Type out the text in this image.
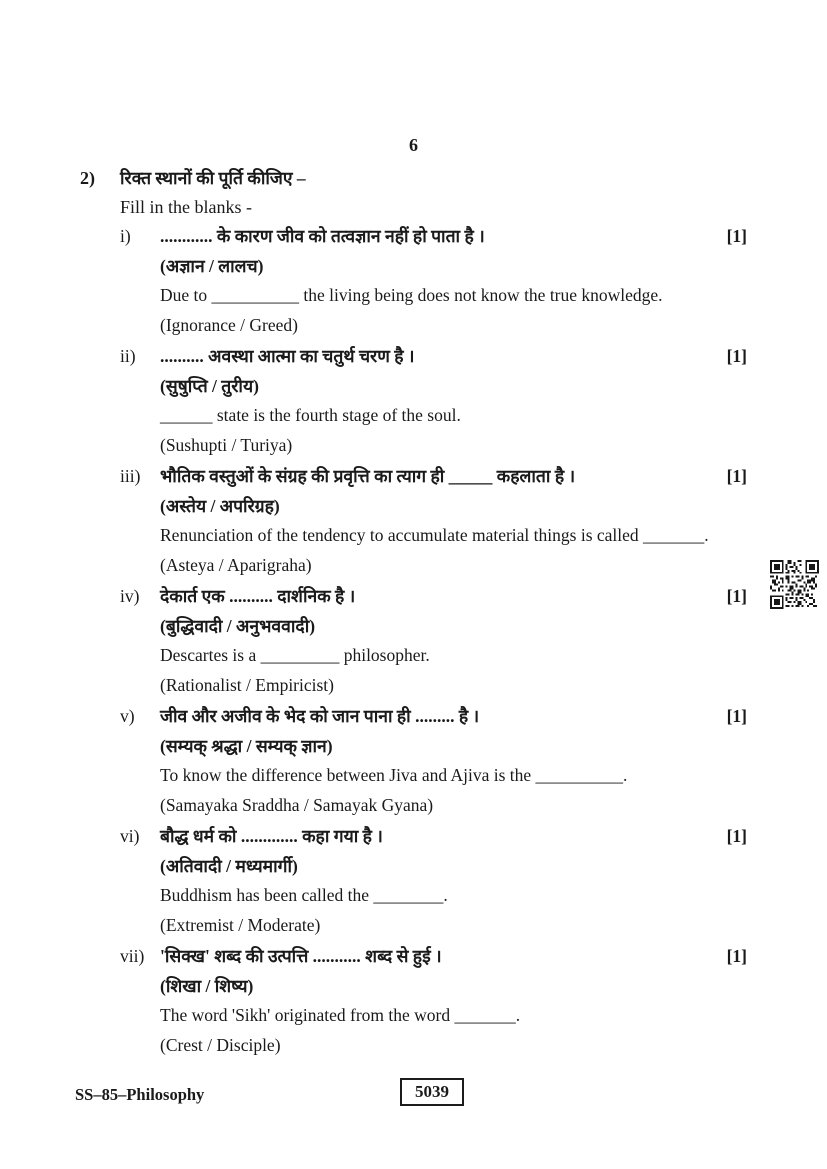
6
2)	रिक्त स्थानों की पूर्ति कीजिए –
Fill in the blanks -
i)	............ के कारण जीव को तत्वज्ञान नहीं हो पाता है ।	[1]
(अज्ञान / लालच)
Due to __________ the living being does not know the true knowledge.
(Ignorance / Greed)
ii)	.......... अवस्था आत्मा का चतुर्थ चरण है ।	[1]
(सुषुप्ति / तुरीय)
______ state is the fourth stage of the soul.
(Sushupti / Turiya)
iii)	भौतिक वस्तुओं के संग्रह की प्रवृत्ति का त्याग ही _____ कहलाता है ।	[1]
(अस्तेय / अपरिग्रह)
Renunciation of the tendency to accumulate material things is called _______.
(Asteya / Aparigraha)
iv)	देकार्त एक .......... दार्शनिक है ।	[1]
(बुद्धिवादी / अनुभववादी)
Descartes is a _________ philosopher.
(Rationalist / Empiricist)
v)	जीव और अजीव के भेद को जान पाना ही ......... है ।	[1]
(सम्यक् श्रद्धा / सम्यक् ज्ञान)
To know the difference between Jiva and Ajiva is the __________.
(Samayaka Sraddha / Samayak Gyana)
vi)	बौद्ध धर्म को ............. कहा गया है ।	[1]
(अतिवादी / मध्यमार्गी)
Buddhism has been called the ________.
(Extremist / Moderate)
vii) 'सिक्ख' शब्द की उत्पत्ति ........... शब्द से हुई ।	[1]
(शिखा / शिष्य)
The word 'Sikh' originated from the word _______.
(Crest / Disciple)
SS–85–Philosophy	5039
